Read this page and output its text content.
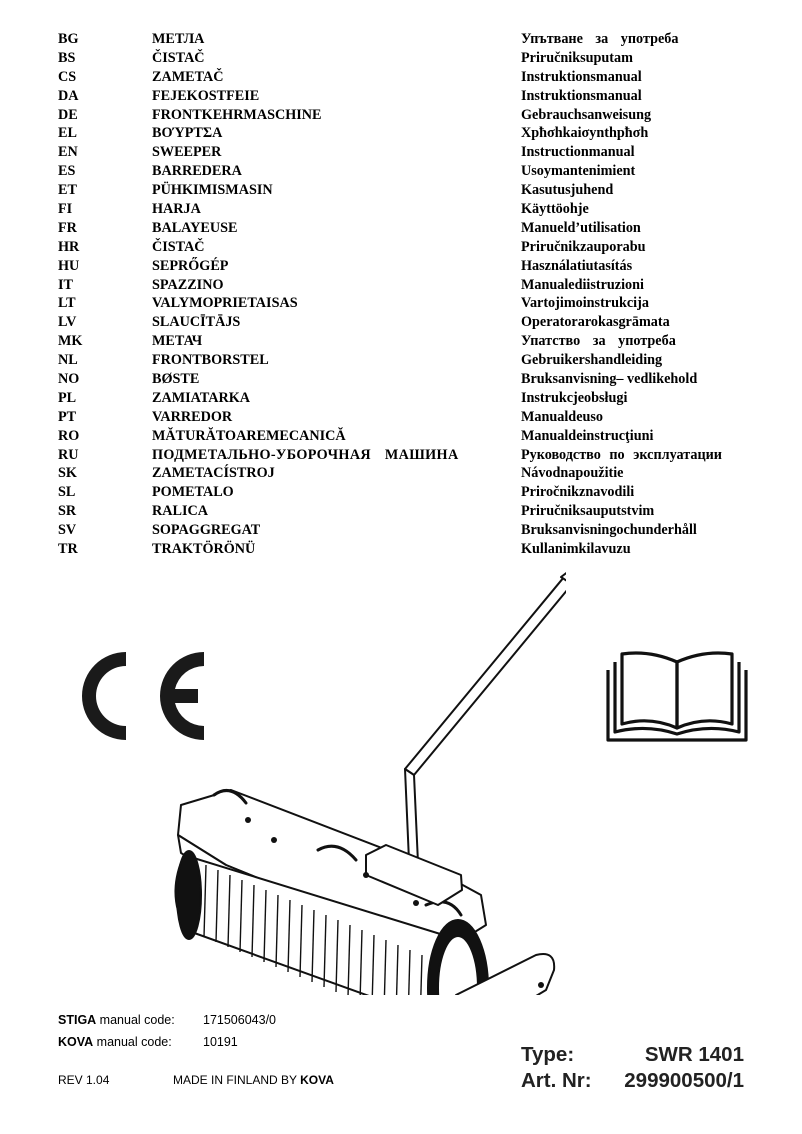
BG	МЕТЛА	Упътване за употреба
BS	ČISTAČ	Priručniksuputam
CS	ZAMETAČ	Instruktionsmanual
DA	FEJEKOSTFEIE	Instruktionsmanual
DE	FRONTKEHRMASCHINE	Gebrauchsanweisung
EL	ΒΟΎΡΤΣΑ	Xpħσhkaiσynthpħσh
EN	SWEEPER	Instructionmanual
ES	BARREDERA	Usoymantenimient
ET	PÜHKIMISMASIN	Kasutusjuhend
FI	HARJA	Käyttöohje
FR	BALAYEUSE	Manueld’utilisation
HR	ČISTAČ	Priručnikzauporabu
HU	SEPRŐGÉP	Használatiutasítás
IT	SPAZZINO	Manualediistruzioni
LT	VALYMOPRIETAISAS	Vartojimoinstrukcija
LV	SLAUCĪTĀJS	Operatorarokasgrāmata
MK	МЕТАЧ	Упатство за употреба
NL	FRONTBORSTEL	Gebruikershandleiding
NO	BØSTE	Bruksanvisning– vedlikehold
PL	ZAMIATARKA	Instrukcjeobsługi
PT	VARREDOR	Manualdeuso
RO	MĂTURĂTOAREMECANICĂ	Manualdeinstrucţiuni
RU	ПОДМЕТАЛЬНО-УБОРОЧНАЯ МАШИНА	Руководство по эксплуатации
SK	ZAMETACÍSTROJ	Návodnapoužitie
SL	POMETALO	Priročnikznavodili
SR	RALICA	Priručniksauputstvim
SV	SOPAGGREGAT	Bruksanvisningochunderhåll
TR	TRAKTÖRÖNÜ	Kullanimkilavuzu
STIGA manual code: 171506043/0
KOVA manual code:	10191
REV 1.04	MADE IN FINLAND BY KOVA
Type:	SWR 1401
Art. Nr: 299900500/1
